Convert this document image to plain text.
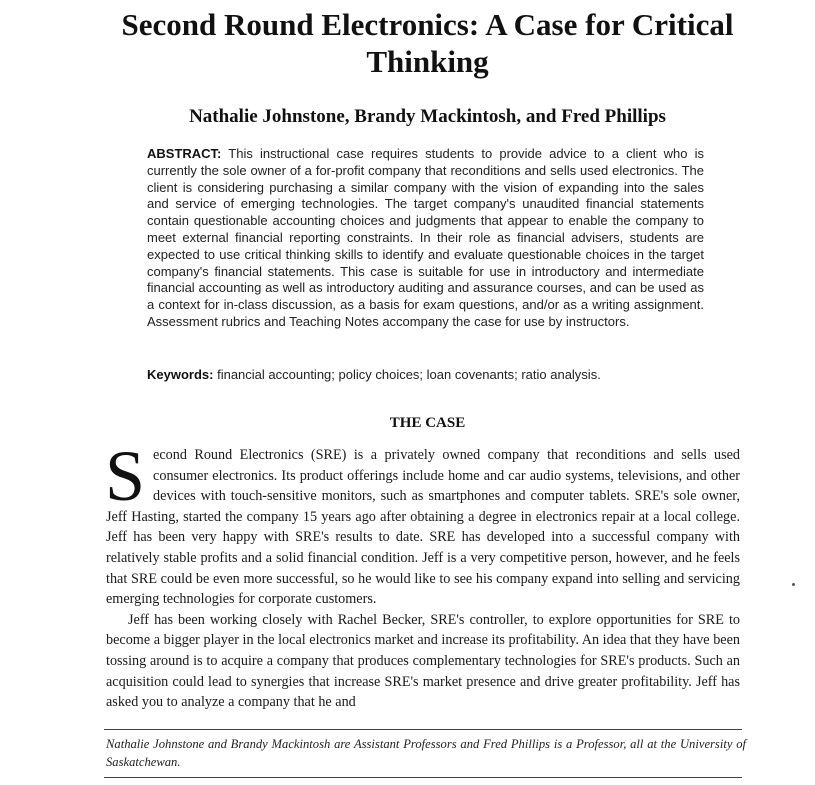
Second Round Electronics: A Case for Critical Thinking
Nathalie Johnstone, Brandy Mackintosh, and Fred Phillips

ABSTRACT: This instructional case requires students to provide advice to a client who is currently the sole owner of a for-profit company that reconditions and sells used electronics. The client is considering purchasing a similar company with the vision of expanding into the sales and service of emerging technologies. The target company's unaudited financial statements contain questionable accounting choices and judgments that appear to enable the company to meet external financial reporting constraints. In their role as financial advisers, students are expected to use critical thinking skills to identify and evaluate questionable choices in the target company's financial statements. This case is suitable for use in introductory and intermediate financial accounting as well as introductory auditing and assurance courses, and can be used as a context for in-class discussion, as a basis for exam questions, and/or as a writing assignment. Assessment rubrics and Teaching Notes accompany the case for use by instructors.

Keywords: financial accounting; policy choices; loan covenants; ratio analysis.

THE CASE

Second Round Electronics (SRE) is a privately owned company that reconditions and sells used consumer electronics. Its product offerings include home and car audio systems, televisions, and other devices with touch-sensitive monitors, such as smartphones and computer tablets. SRE's sole owner, Jeff Hasting, started the company 15 years ago after obtaining a degree in electronics repair at a local college. Jeff has been very happy with SRE's results to date. SRE has developed into a successful company with relatively stable profits and a solid financial condition. Jeff is a very competitive person, however, and he feels that SRE could be even more successful, so he would like to see his company expand into selling and servicing emerging technologies for corporate customers.

Jeff has been working closely with Rachel Becker, SRE's controller, to explore opportunities for SRE to become a bigger player in the local electronics market and increase its profitability. An idea that they have been tossing around is to acquire a company that produces complementary technologies for SRE's products. Such an acquisition could lead to synergies that increase SRE's market presence and drive greater profitability. Jeff has asked you to analyze a company that he and

Nathalie Johnstone and Brandy Mackintosh are Assistant Professors and Fred Phillips is a Professor, all at the University of Saskatchewan.
